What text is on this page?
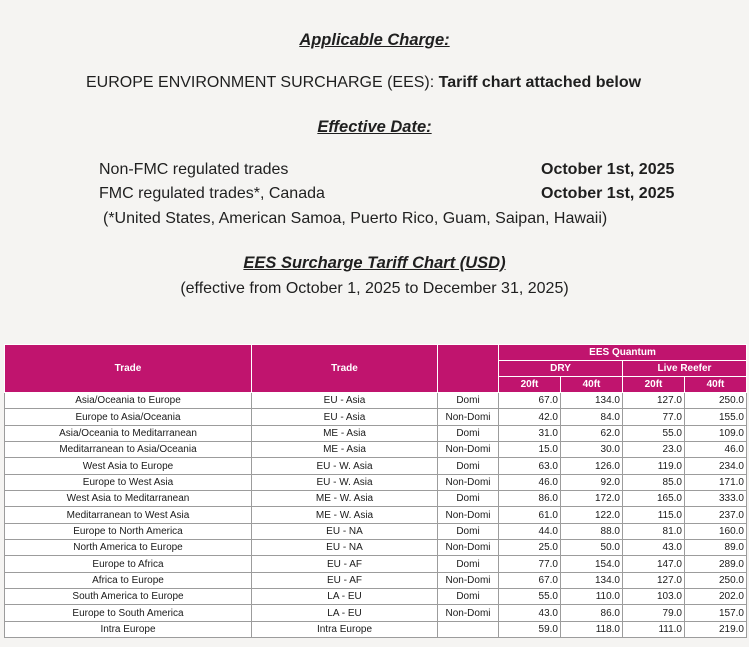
Applicable Charge:
EUROPE ENVIRONMENT SURCHARGE (EES): Tariff chart attached below
Effective Date:
Non-FMC regulated trades	October 1st, 2025
FMC regulated trades*, Canada	October 1st, 2025
(*United States, American Samoa, Puerto Rico, Guam, Saipan, Hawaii)
EES Surcharge Tariff Chart (USD)
(effective from October 1, 2025 to December 31, 2025)
Trade	Trade		EES Quantum			
			DRY		Live Reefer	
			20ft	40ft	20ft	40ft
Asia/Oceania to Europe	EU - Asia	Domi	67.0	134.0	127.0	250.0
Europe to Asia/Oceania	EU - Asia	Non-Domi	42.0	84.0	77.0	155.0
Asia/Oceania to Meditarranean	ME - Asia	Domi	31.0	62.0	55.0	109.0
Meditarranean to Asia/Oceania	ME - Asia	Non-Domi	15.0	30.0	23.0	46.0
West Asia to Europe	EU - W. Asia	Domi	63.0	126.0	119.0	234.0
Europe to West Asia	EU - W. Asia	Non-Domi	46.0	92.0	85.0	171.0
West Asia to Meditarranean	ME - W. Asia	Domi	86.0	172.0	165.0	333.0
Meditarranean to West Asia	ME - W. Asia	Non-Domi	61.0	122.0	115.0	237.0
Europe to North America	EU - NA	Domi	44.0	88.0	81.0	160.0
North America to Europe	EU - NA	Non-Domi	25.0	50.0	43.0	89.0
Europe to Africa	EU - AF	Domi	77.0	154.0	147.0	289.0
Africa to Europe	EU - AF	Non-Domi	67.0	134.0	127.0	250.0
South America to Europe	LA - EU	Domi	55.0	110.0	103.0	202.0
Europe to South America	LA - EU	Non-Domi	43.0	86.0	79.0	157.0
Intra Europe	Intra Europe		59.0	118.0	111.0	219.0
